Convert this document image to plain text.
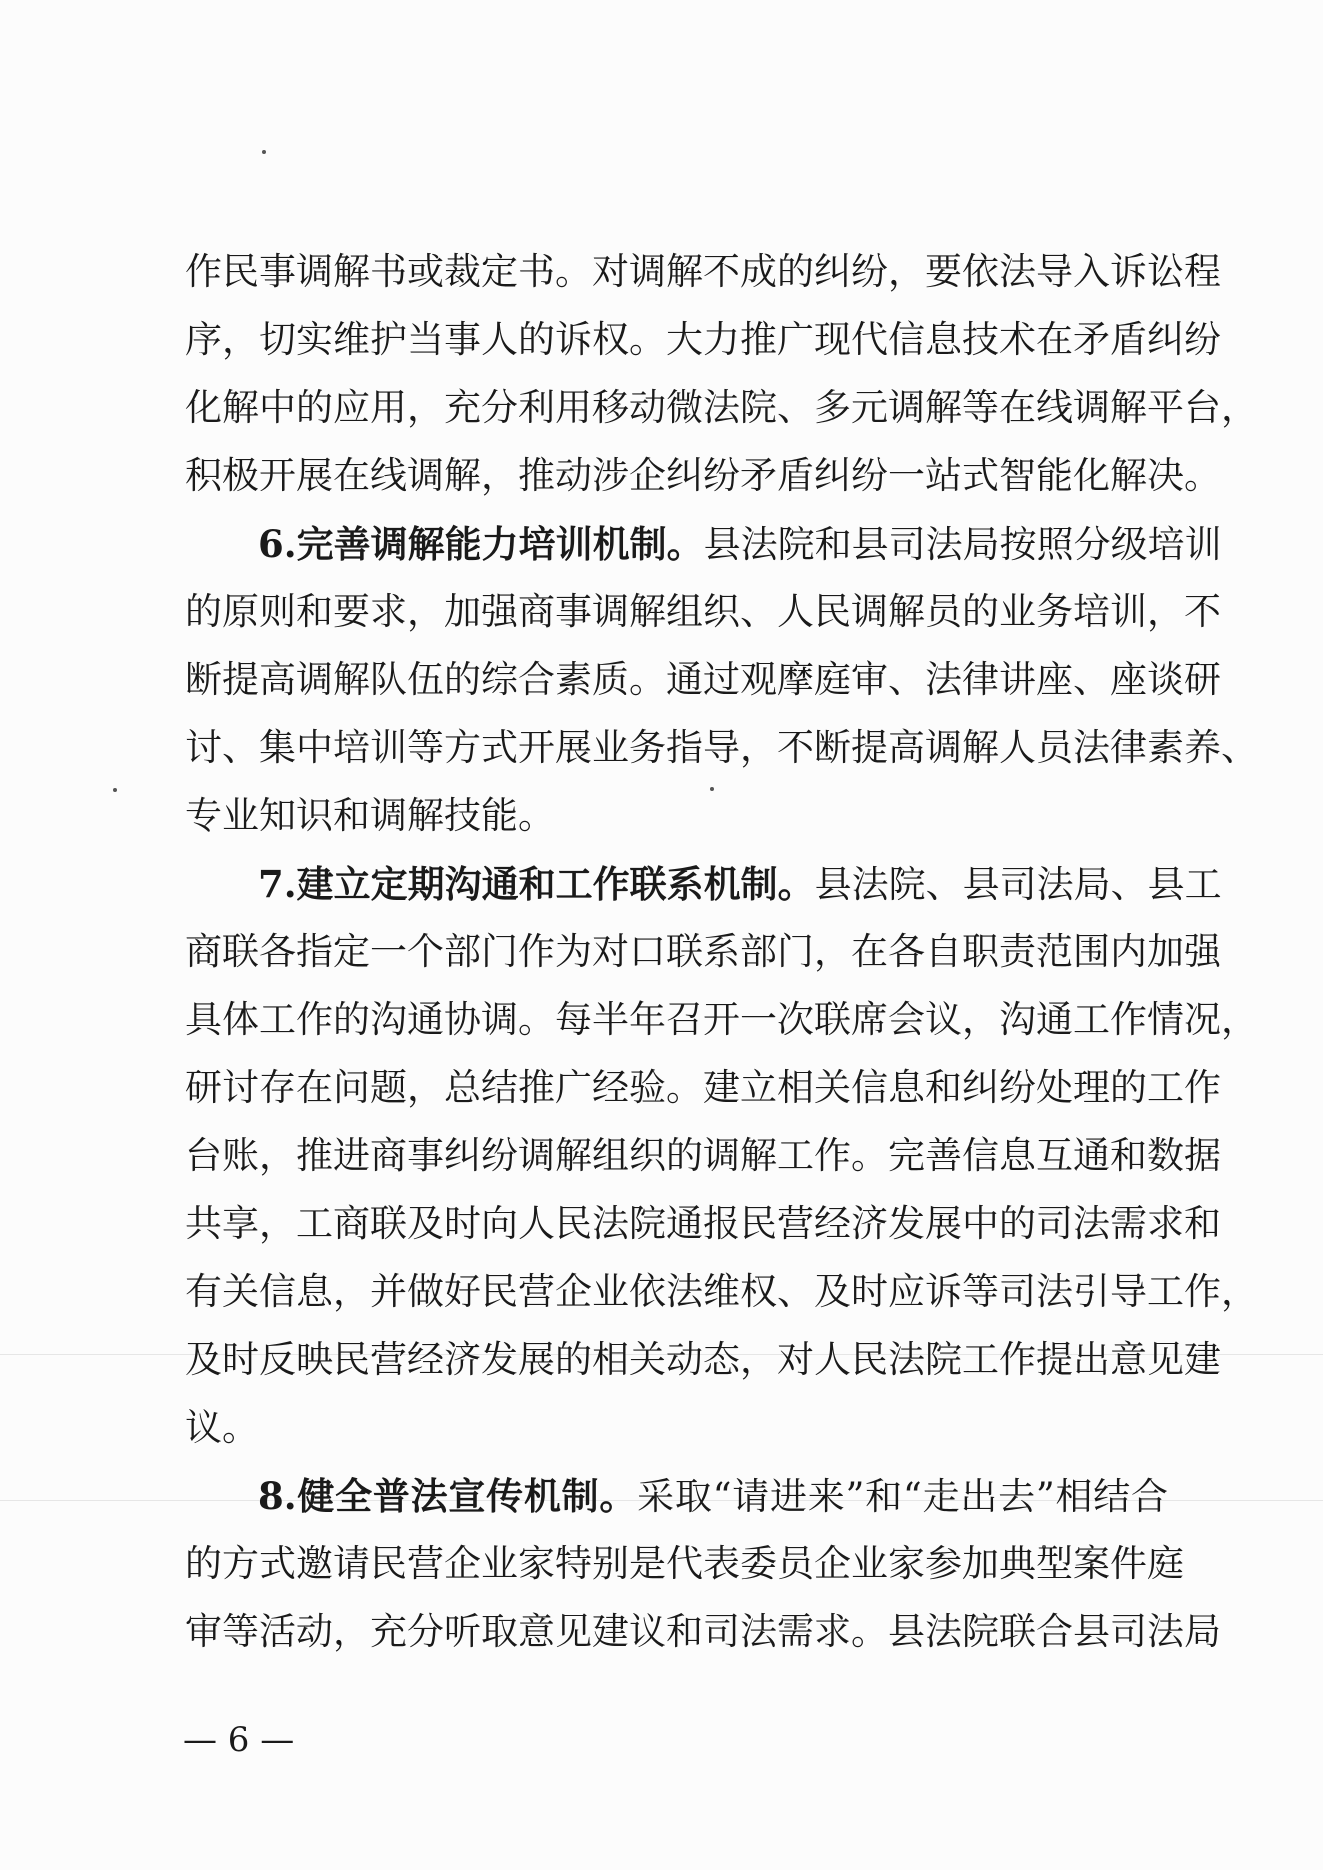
作民事调解书或裁定书。对调解不成的纠纷，要依法导入诉讼程
序，切实维护当事人的诉权。大力推广现代信息技术在矛盾纠纷
化解中的应用，充分利用移动微法院、多元调解等在线调解平台，
积极开展在线调解，推动涉企纠纷矛盾纠纷一站式智能化解决。
6.完善调解能力培训机制。县法院和县司法局按照分级培训
的原则和要求，加强商事调解组织、人民调解员的业务培训，不
断提高调解队伍的综合素质。通过观摩庭审、法律讲座、座谈研
讨、集中培训等方式开展业务指导，不断提高调解人员法律素养、
专业知识和调解技能。
7.建立定期沟通和工作联系机制。县法院、县司法局、县工
商联各指定一个部门作为对口联系部门，在各自职责范围内加强
具体工作的沟通协调。每半年召开一次联席会议，沟通工作情况，
研讨存在问题，总结推广经验。建立相关信息和纠纷处理的工作
台账，推进商事纠纷调解组织的调解工作。完善信息互通和数据
共享，工商联及时向人民法院通报民营经济发展中的司法需求和
有关信息，并做好民营企业依法维权、及时应诉等司法引导工作，
及时反映民营经济发展的相关动态，对人民法院工作提出意见建
议。
8.健全普法宣传机制。采取“请进来”和“走出去”相结合
的方式邀请民营企业家特别是代表委员企业家参加典型案件庭
审等活动，充分听取意见建议和司法需求。县法院联合县司法局
— 6 —
